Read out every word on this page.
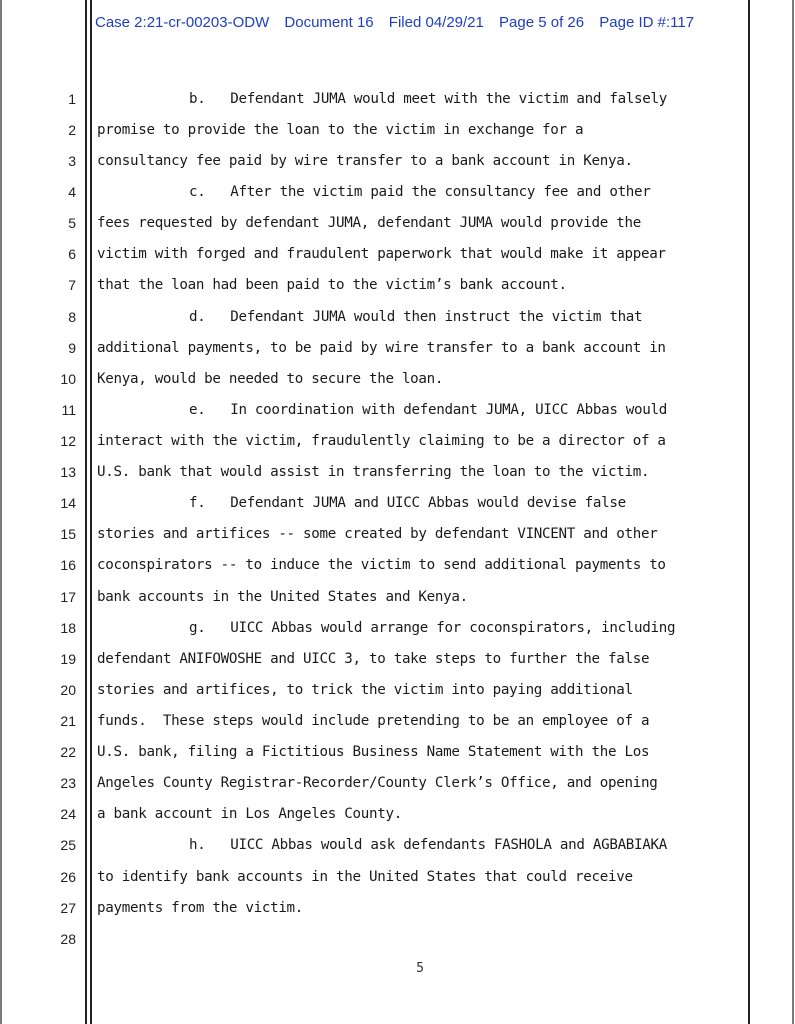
Case 2:21-cr-00203-ODW Document 16 Filed 04/29/21 Page 5 of 26 Page ID #:117
1
2
3
4
5
6
7
8
9
10
11
12
13
14
15
16
17
18
19
20
21
22
23
24
25
26
27
28
b.   Defendant JUMA would meet with the victim and falsely
promise to provide the loan to the victim in exchange for a
consultancy fee paid by wire transfer to a bank account in Kenya.
c.   After the victim paid the consultancy fee and other
fees requested by defendant JUMA, defendant JUMA would provide the
victim with forged and fraudulent paperwork that would make it appear
that the loan had been paid to the victim’s bank account.
d.   Defendant JUMA would then instruct the victim that
additional payments, to be paid by wire transfer to a bank account in
Kenya, would be needed to secure the loan.
e.   In coordination with defendant JUMA, UICC Abbas would
interact with the victim, fraudulently claiming to be a director of a
U.S. bank that would assist in transferring the loan to the victim.
f.   Defendant JUMA and UICC Abbas would devise false
stories and artifices -- some created by defendant VINCENT and other
coconspirators -- to induce the victim to send additional payments to
bank accounts in the United States and Kenya.
g.   UICC Abbas would arrange for coconspirators, including
defendant ANIFOWOSHE and UICC 3, to take steps to further the false
stories and artifices, to trick the victim into paying additional
funds.  These steps would include pretending to be an employee of a
U.S. bank, filing a Fictitious Business Name Statement with the Los
Angeles County Registrar-Recorder/County Clerk’s Office, and opening
a bank account in Los Angeles County.
h.   UICC Abbas would ask defendants FASHOLA and AGBABIAKA
to identify bank accounts in the United States that could receive
payments from the victim.
5
